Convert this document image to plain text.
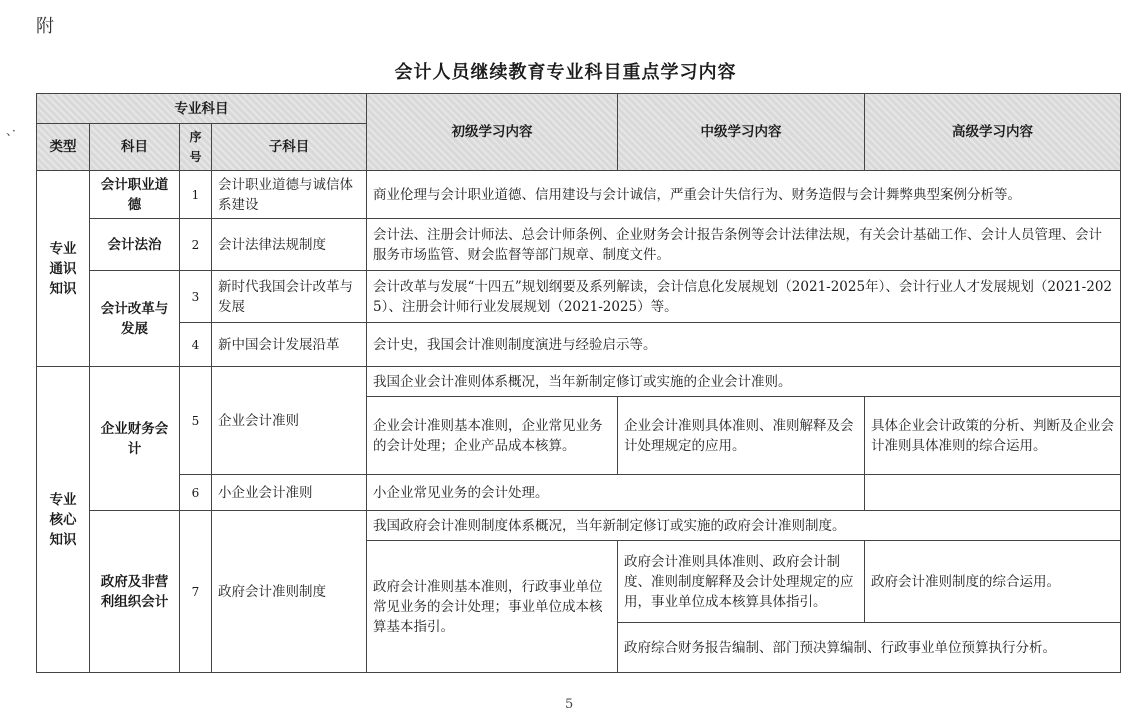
附
会计人员继续教育专业科目重点学习内容
、·
专业科目				初级学习内容	中级学习内容	高级学习内容
类型	科目	序号	子科目			
专业通识知识	会计职业道德	1	会计职业道德与诚信体系建设	商业伦理与会计职业道德、信用建设与会计诚信，严重会计失信行为、财务造假与会计舞弊典型案例分析等。		
	会计法治	2	会计法律法规制度	会计法、注册会计师法、总会计师条例、企业财务会计报告条例等会计法律法规，有关会计基础工作、会计人员管理、会计服务市场监管、财会监督等部门规章、制度文件。		
	会计改革与发展	3	新时代我国会计改革与发展	会计改革与发展“十四五”规划纲要及系列解读，会计信息化发展规划（2021-2025年）、会计行业人才发展规划（2021-2025）、注册会计师行业发展规划（2021-2025）等。		
		4	新中国会计发展沿革	会计史，我国会计准则制度演进与经验启示等。		
专业核心知识	企业财务会计	5	企业会计准则	我国企业会计准则体系概况，当年新制定修订或实施的企业会计准则。		
				企业会计准则基本准则，企业常见业务的会计处理；企业产品成本核算。	企业会计准则具体准则、准则解释及会计处理规定的应用。	具体企业会计政策的分析、判断及企业会计准则具体准则的综合运用。
		6	小企业会计准则	小企业常见业务的会计处理。		
	政府及非营利组织会计	7	政府会计准则制度	我国政府会计准则制度体系概况，当年新制定修订或实施的政府会计准则制度。		
				政府会计准则基本准则，行政事业单位常见业务的会计处理；事业单位成本核算基本指引。	政府会计准则具体准则、政府会计制度、准则制度解释及会计处理规定的应用，事业单位成本核算具体指引。	政府会计准则制度的综合运用。

					政府综合财务报告编制、部门预决算编制、行政事业单位预算执行分析。	
5
